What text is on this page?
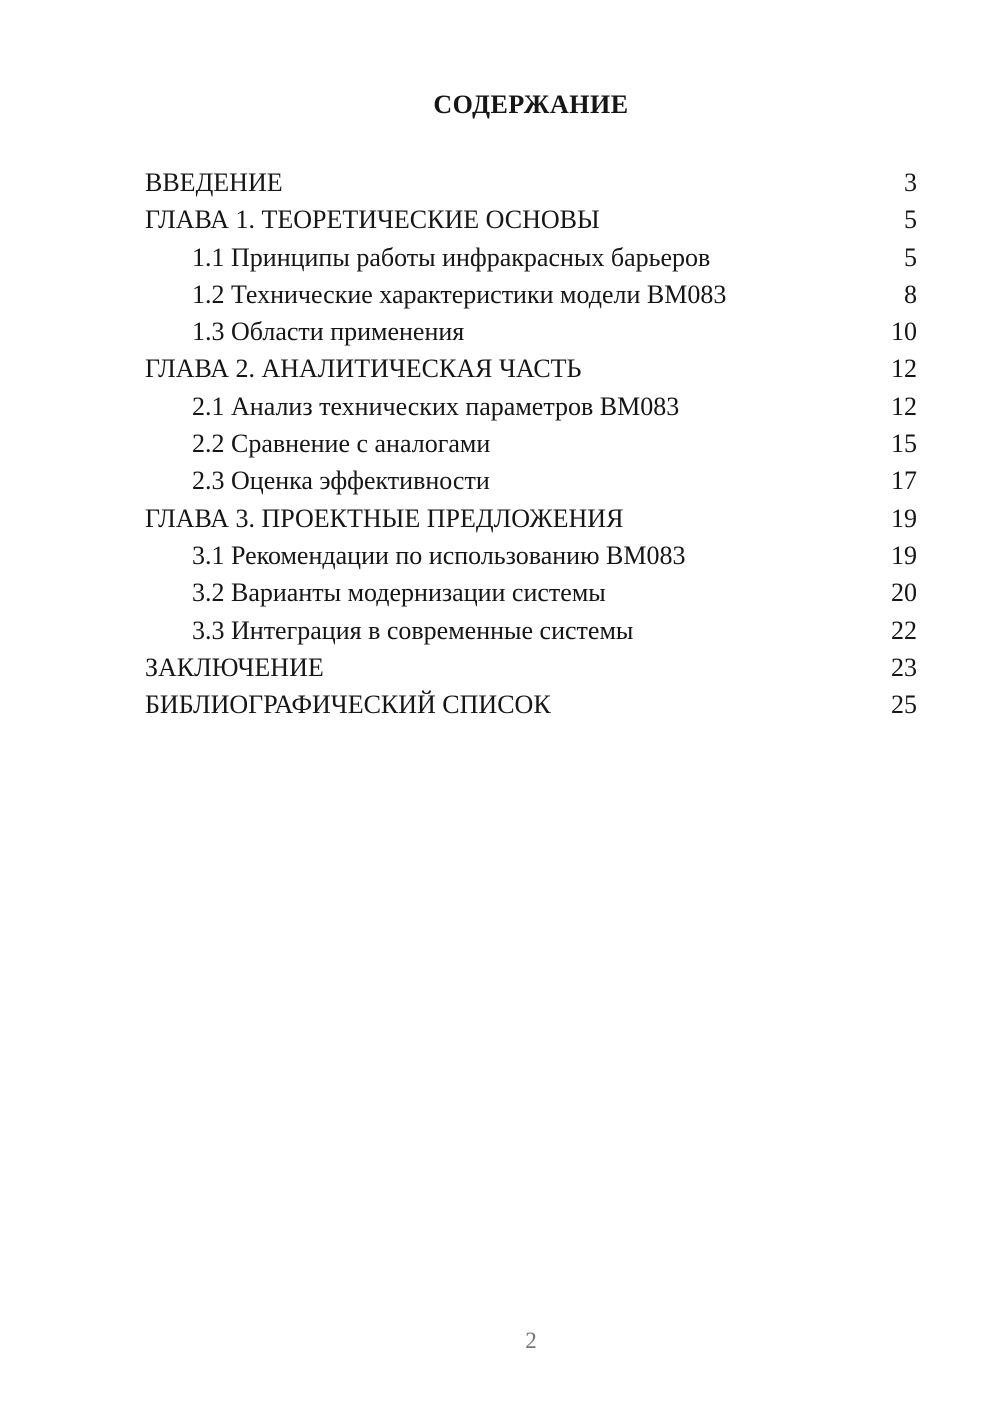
СОДЕРЖАНИЕ
ВВЕДЕНИЕ	3
ГЛАВА 1. ТЕОРЕТИЧЕСКИЕ ОСНОВЫ	5
1.1 Принципы работы инфракрасных барьеров	5
1.2 Технические характеристики модели ВМ083	8
1.3 Области применения	10
ГЛАВА 2. АНАЛИТИЧЕСКАЯ ЧАСТЬ	12
2.1 Анализ технических параметров ВМ083	12
2.2 Сравнение с аналогами	15
2.3 Оценка эффективности	17
ГЛАВА 3. ПРОЕКТНЫЕ ПРЕДЛОЖЕНИЯ	19
3.1 Рекомендации по использованию ВМ083	19
3.2 Варианты модернизации системы	20
3.3 Интеграция в современные системы	22
ЗАКЛЮЧЕНИЕ	23
БИБЛИОГРАФИЧЕСКИЙ СПИСОК	25
2
